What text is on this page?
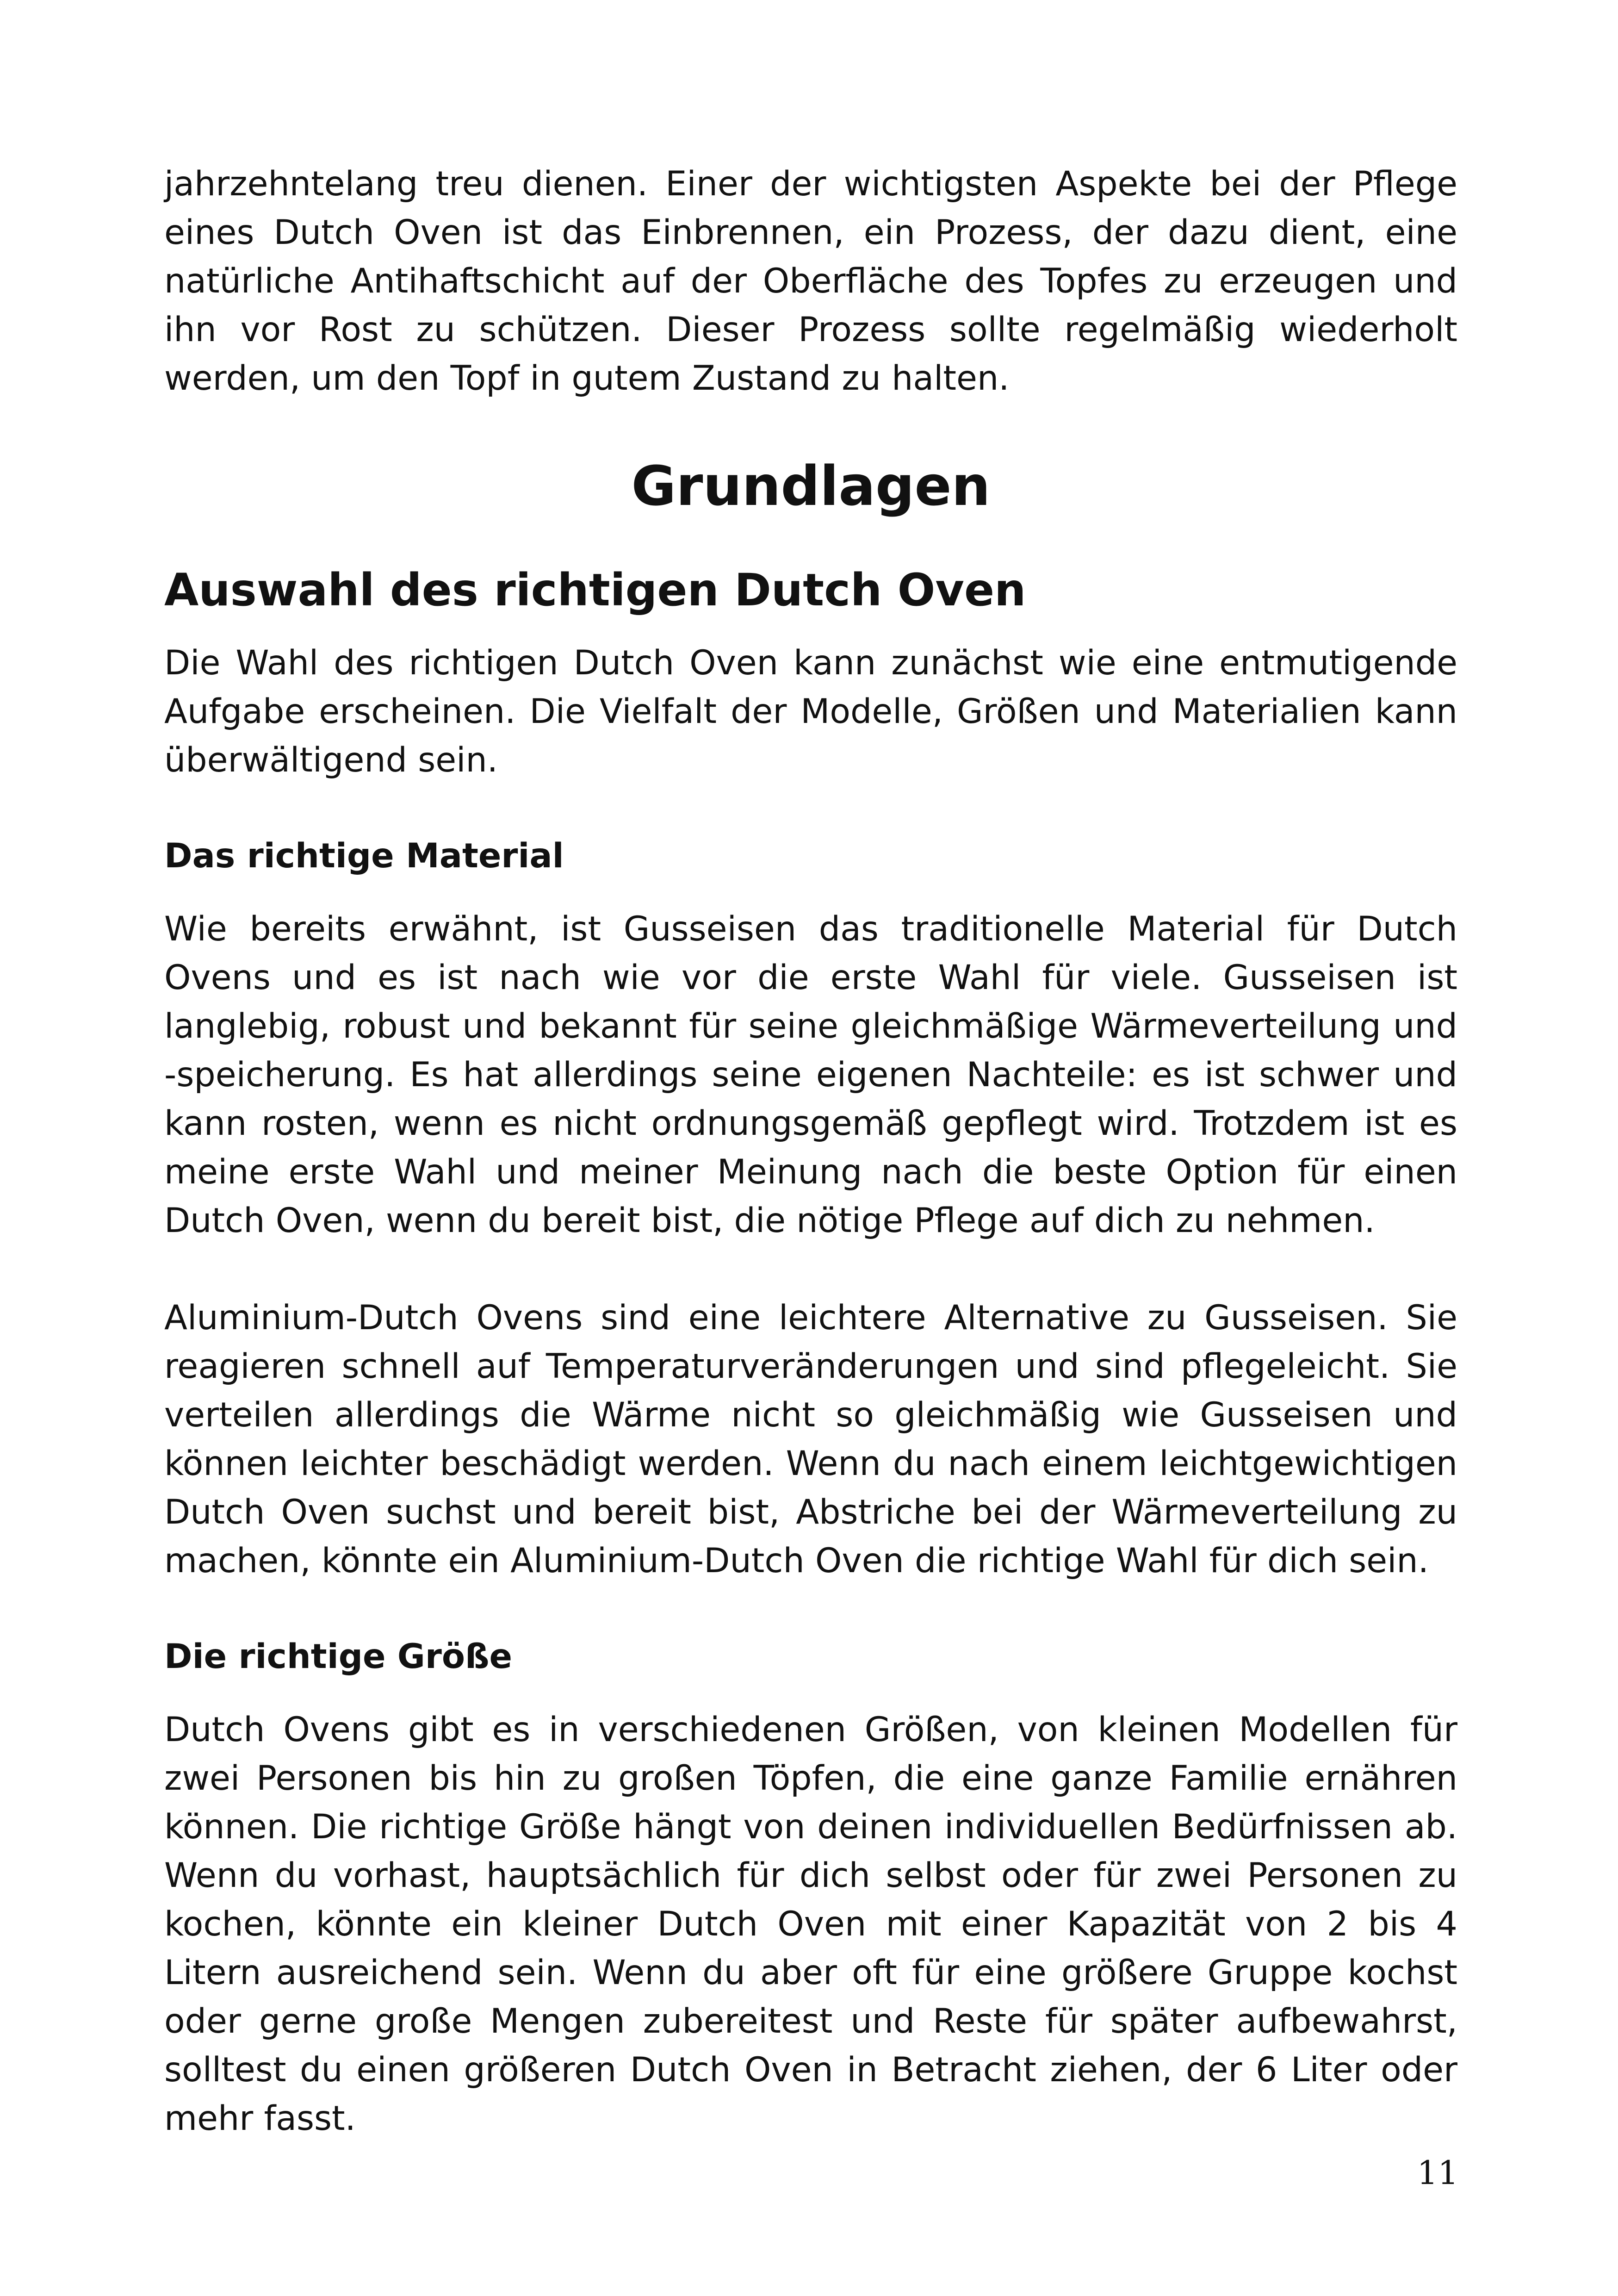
jahrzehntelang treu dienen. Einer der wichtigsten Aspekte bei der Pflege eines Dutch Oven ist das Einbrennen, ein Prozess, der dazu dient, eine natürliche Antihaftschicht auf der Oberfläche des Topfes zu erzeugen und ihn vor Rost zu schützen. Dieser Prozess sollte regelmäßig wiederholt werden, um den Topf in gutem Zustand zu halten.

Grundlagen
Auswahl des richtigen Dutch Oven

Die Wahl des richtigen Dutch Oven kann zunächst wie eine entmutigende Aufgabe erscheinen. Die Vielfalt der Modelle, Größen und Materialien kann überwältigend sein.

Das richtige Material

Wie bereits erwähnt, ist Gusseisen das traditionelle Material für Dutch Ovens und es ist nach wie vor die erste Wahl für viele. Gusseisen ist langlebig, robust und bekannt für seine gleichmäßige Wärmeverteilung und -speicherung. Es hat allerdings seine eigenen Nachteile: es ist schwer und kann rosten, wenn es nicht ordnungsgemäß gepflegt wird. Trotzdem ist es meine erste Wahl und meiner Meinung nach die beste Option für einen Dutch Oven, wenn du bereit bist, die nötige Pflege auf dich zu nehmen.

Aluminium-Dutch Ovens sind eine leichtere Alternative zu Gusseisen. Sie reagieren schnell auf Temperaturveränderungen und sind pflegeleicht. Sie verteilen allerdings die Wärme nicht so gleichmäßig wie Gusseisen und können leichter beschädigt werden. Wenn du nach einem leichtgewichtigen Dutch Oven suchst und bereit bist, Abstriche bei der Wärmeverteilung zu machen, könnte ein Aluminium-Dutch Oven die richtige Wahl für dich sein.

Die richtige Größe

Dutch Ovens gibt es in verschiedenen Größen, von kleinen Modellen für zwei Personen bis hin zu großen Töpfen, die eine ganze Familie ernähren können. Die richtige Größe hängt von deinen individuellen Bedürfnissen ab. Wenn du vorhast, hauptsächlich für dich selbst oder für zwei Personen zu kochen, könnte ein kleiner Dutch Oven mit einer Kapazität von 2 bis 4 Litern ausreichend sein. Wenn du aber oft für eine größere Gruppe kochst oder gerne große Mengen zubereitest und Reste für später aufbewahrst, solltest du einen größeren Dutch Oven in Betracht ziehen, der 6 Liter oder mehr fasst.

11
